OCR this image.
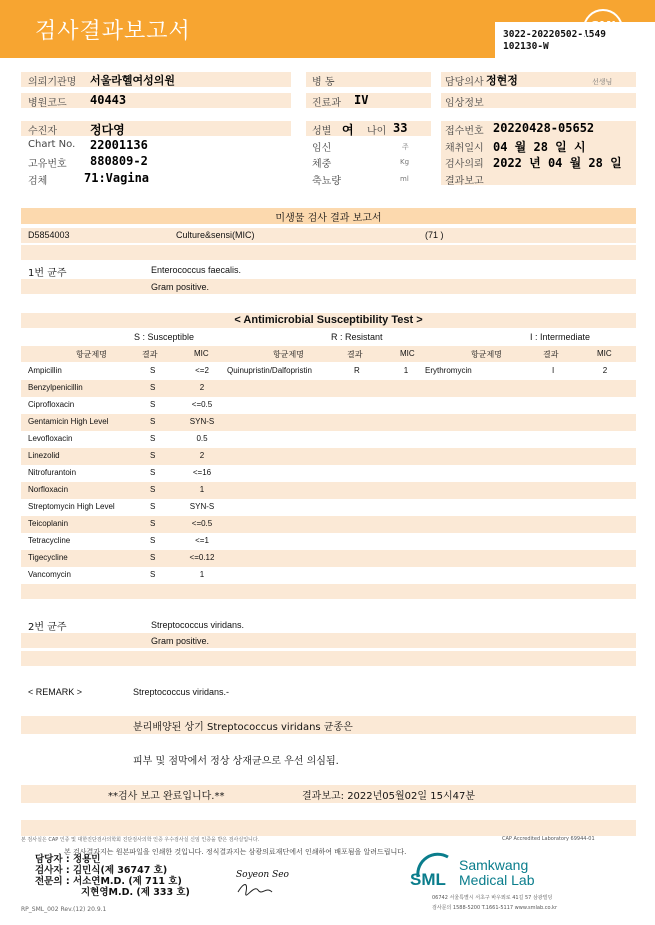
검사결과보고서	3022-20220502-1549
102130-W
SML
의뢰기관명 서울라헬여성의원	병 동	담당의사 정현정	선생님
병원코드 40443	진료과 IV	임상정보
수진자	정다영	성별 여 나이 33	접수번호 20220428-05652
Chart No. 22001136	임신	주	채취일시 04 월 28 일 시
고유번호 880809-2	체중	Kg	검사의뢰 2022 년 04 월 28 일
검체	71:Vagina	축뇨량	ml	결과보고
미생물 검사 결과 보고서
D5854003	Culture&sensi(MIC)	(71 )
1번 균주	Enterococcus faecalis.
Gram positive.
< Antimicrobial Susceptibility Test >
S : Susceptible	R : Resistant	I : Intermediate
항균제명	결과	MIC	항균제명	결과	MIC	항균제명	결과	MIC
Ampicillin	S	<=2	Quinupristin/Dalfopristin	R	1	Erythromycin	I	2
Benzylpenicillin	S	2
Ciprofloxacin	S	<=0.5
Gentamicin High Level	S	SYN-S
Levofloxacin	S	0.5
Linezolid	S	2
Nitrofurantoin	S	<=16
Norfloxacin	S	1
Streptomycin High Level	S	SYN-S
Teicoplanin	S	<=0.5
Tetracycline	S	<=1
Tigecycline	S	<=0.12
Vancomycin	S	1
2번 균주	Streptococcus viridans.
Gram positive.
< REMARK >	Streptococcus viridans.-
분리배양된 상기 Streptococcus viridans 균종은
피부 및 점막에서 정상 상재균으로 우선 의심됨.
**검사 보고 완료입니다.**	결과보고: 2022년05월02일 15시47분
본 검사실은 CAP 인증 및 대한진단검사의학회 진단검사의학 인증 우수검사실 신임 인증을 받은 검사실입니다.	CAP Accredited Laboratory 69944-01
본 검사결과지는 원본파일을 인쇄한 것입니다. 정식결과지는 삼광의료재단에서 인쇄하여 배포됨을 알려드립니다.
담당자 : 정용민
검사자 : 김민식(제 36747 호)
전문의 : 서소연M.D. (제 711 호)
지현영M.D. (제 333 호)
Soyeon Seo	SML
Samkwang
Medical Lab
06742 서울특별시 서초구 바우뫼로 41길 57 삼광빌딩
검사문의 1588-5200 T.1661-5117 www.smlab.co.kr
RP_SML_002 Rev.(12) 20.9.1
